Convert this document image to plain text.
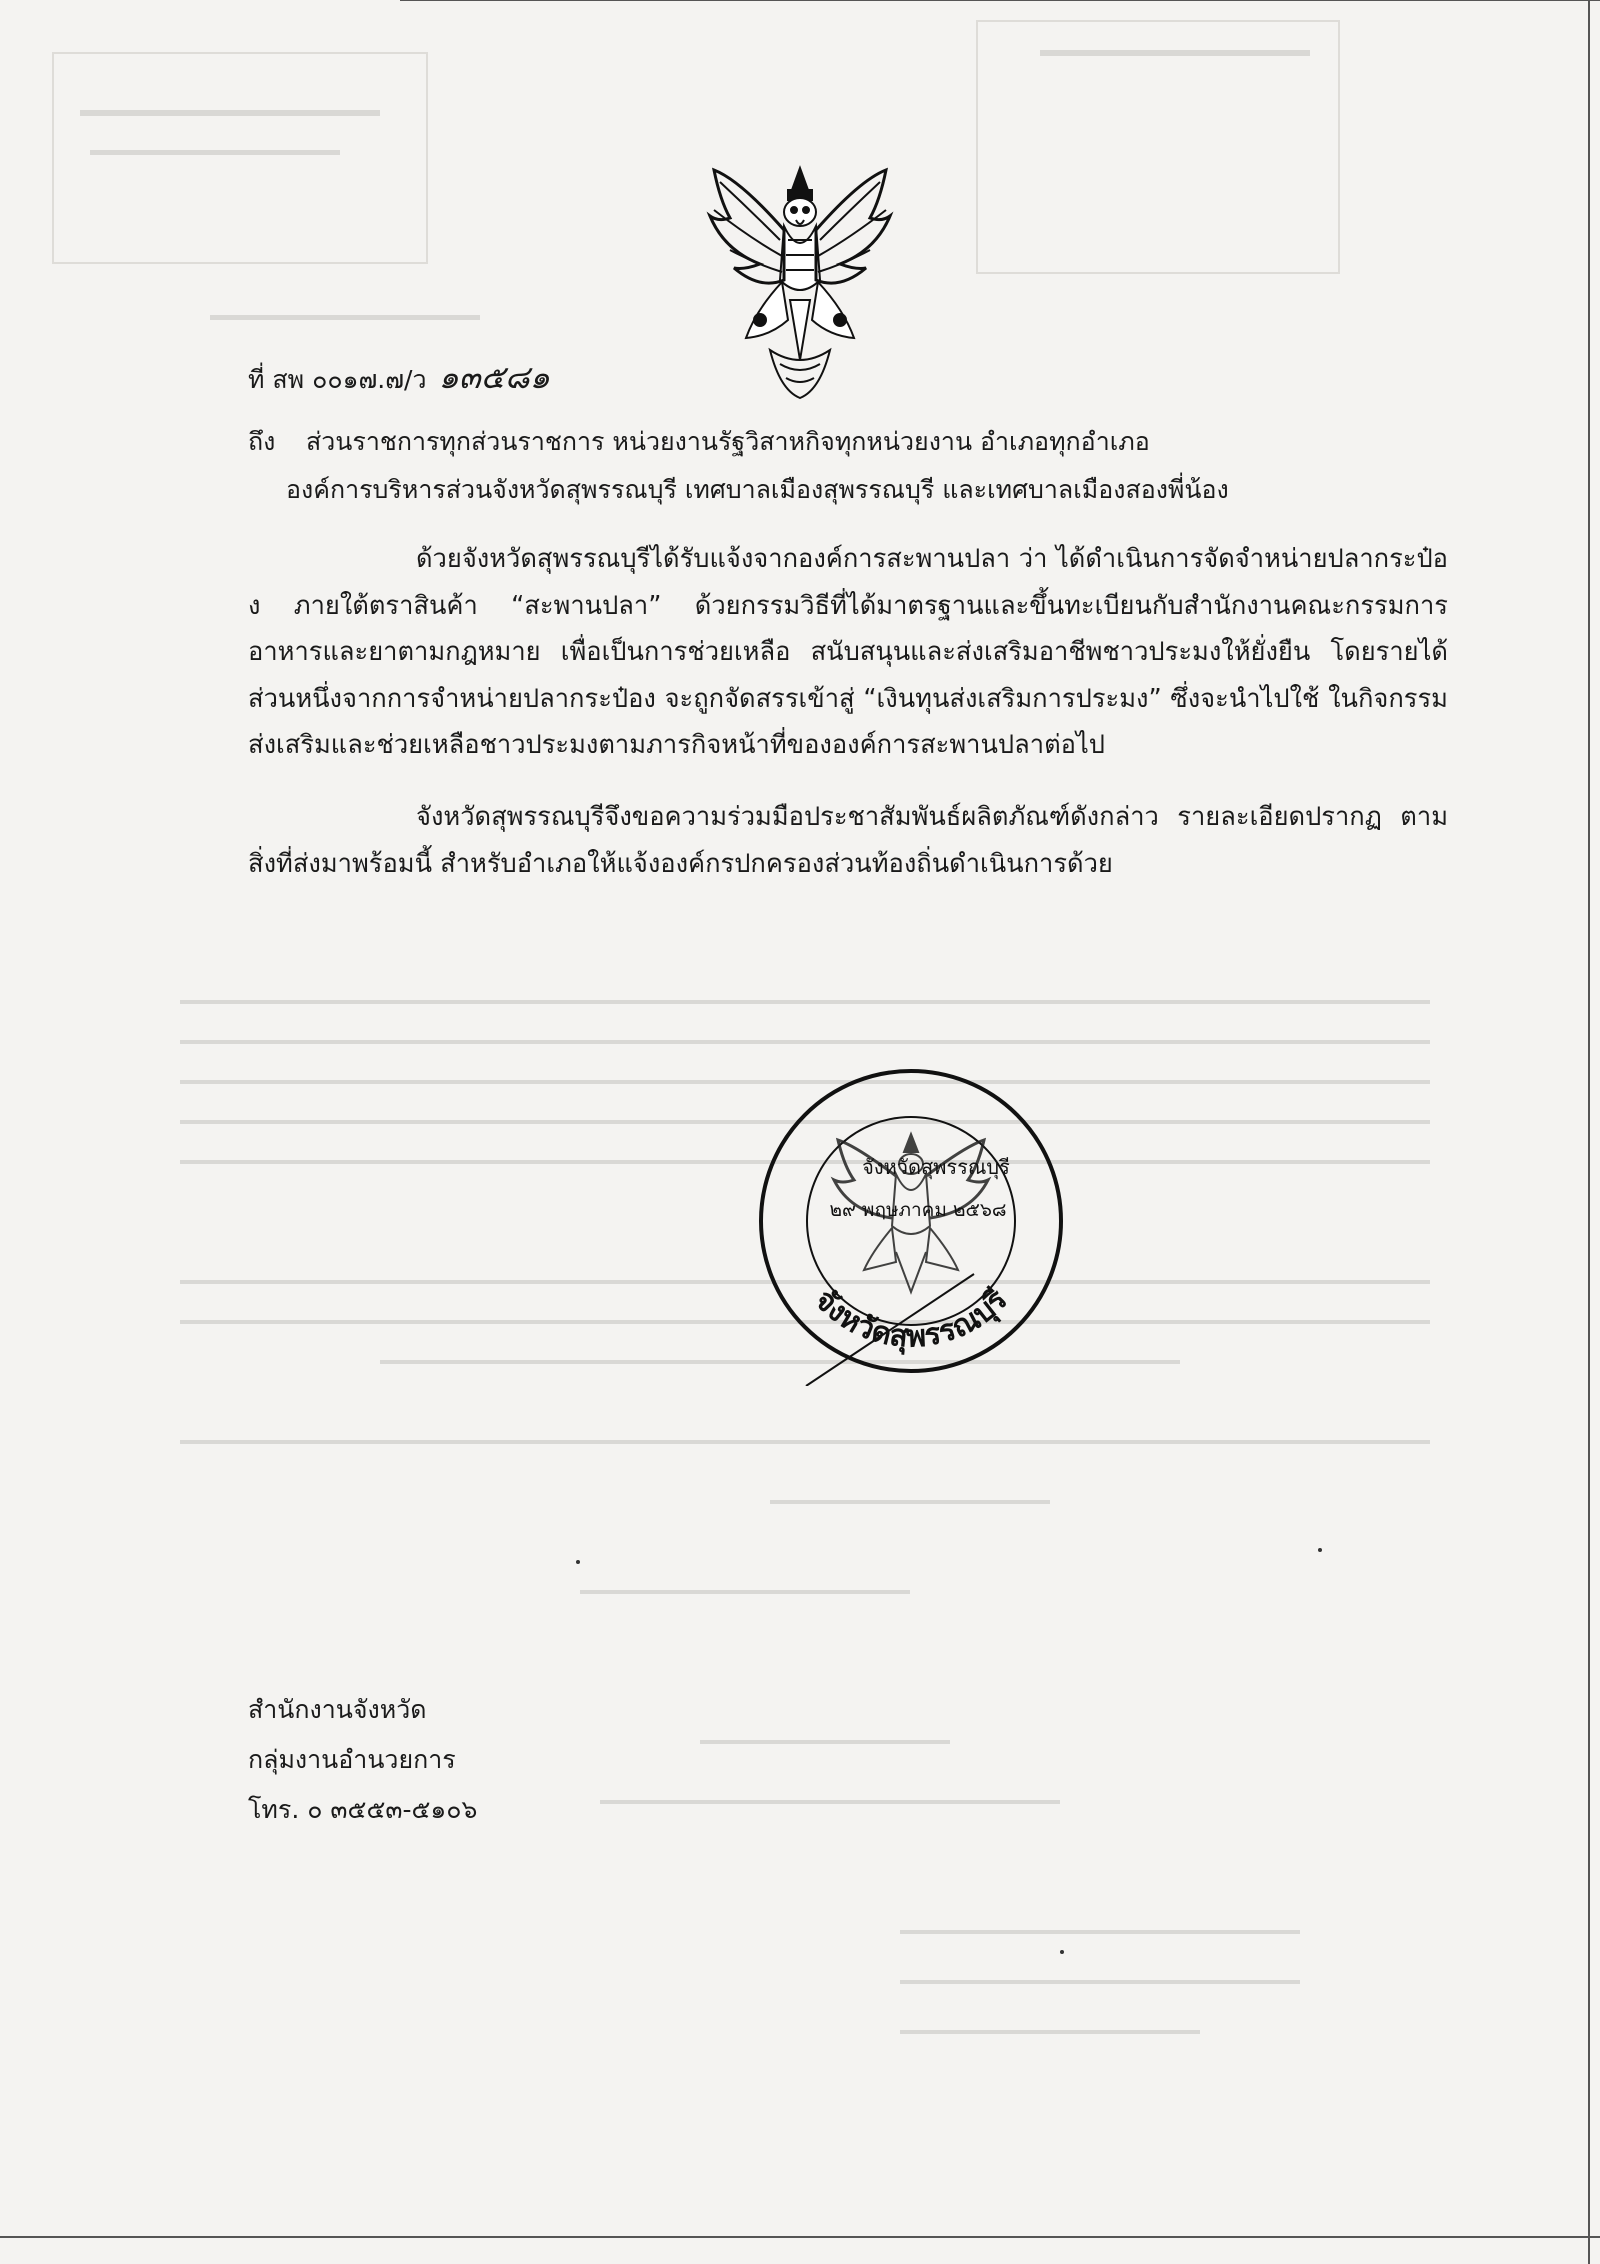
ที่ สพ ๐๐๑๗.๗/ว ๑๓๕๘๑
ถึง ส่วนราชการทุกส่วนราชการ หน่วยงานรัฐวิสาหกิจทุกหน่วยงาน อำเภอทุกอำเภอ
องค์การบริหารส่วนจังหวัดสุพรรณบุรี เทศบาลเมืองสุพรรณบุรี และเทศบาลเมืองสองพี่น้อง
ด้วยจังหวัดสุพรรณบุรีได้รับแจ้งจากองค์การสะพานปลา ว่า ได้ดำเนินการจัดจำหน่ายปลากระป๋อง ภายใต้ตราสินค้า “สะพานปลา” ด้วยกรรมวิธีที่ได้มาตรฐานและขึ้นทะเบียนกับสำนักงานคณะกรรมการ อาหารและยาตามกฎหมาย เพื่อเป็นการช่วยเหลือ สนับสนุนและส่งเสริมอาชีพชาวประมงให้ยั่งยืน โดยรายได้ ส่วนหนึ่งจากการจำหน่ายปลากระป๋อง จะถูกจัดสรรเข้าสู่ “เงินทุนส่งเสริมการประมง” ซึ่งจะนำไปใช้ ในกิจกรรมส่งเสริมและช่วยเหลือชาวประมงตามภารกิจหน้าที่ขององค์การสะพานปลาต่อไป
จังหวัดสุพรรณบุรีจึงขอความร่วมมือประชาสัมพันธ์ผลิตภัณฑ์ดังกล่าว รายละเอียดปรากฏ ตามสิ่งที่ส่งมาพร้อมนี้ สำหรับอำเภอให้แจ้งองค์กรปกครองส่วนท้องถิ่นดำเนินการด้วย
จังหวัดสุพรรณบุรี
๒๙ พฤษภาคม ๒๕๖๘
จังหวัดสุพรรณบุรี
สำนักงานจังหวัด
กลุ่มงานอำนวยการ
โทร. ๐ ๓๕๕๓-๕๑๐๖
